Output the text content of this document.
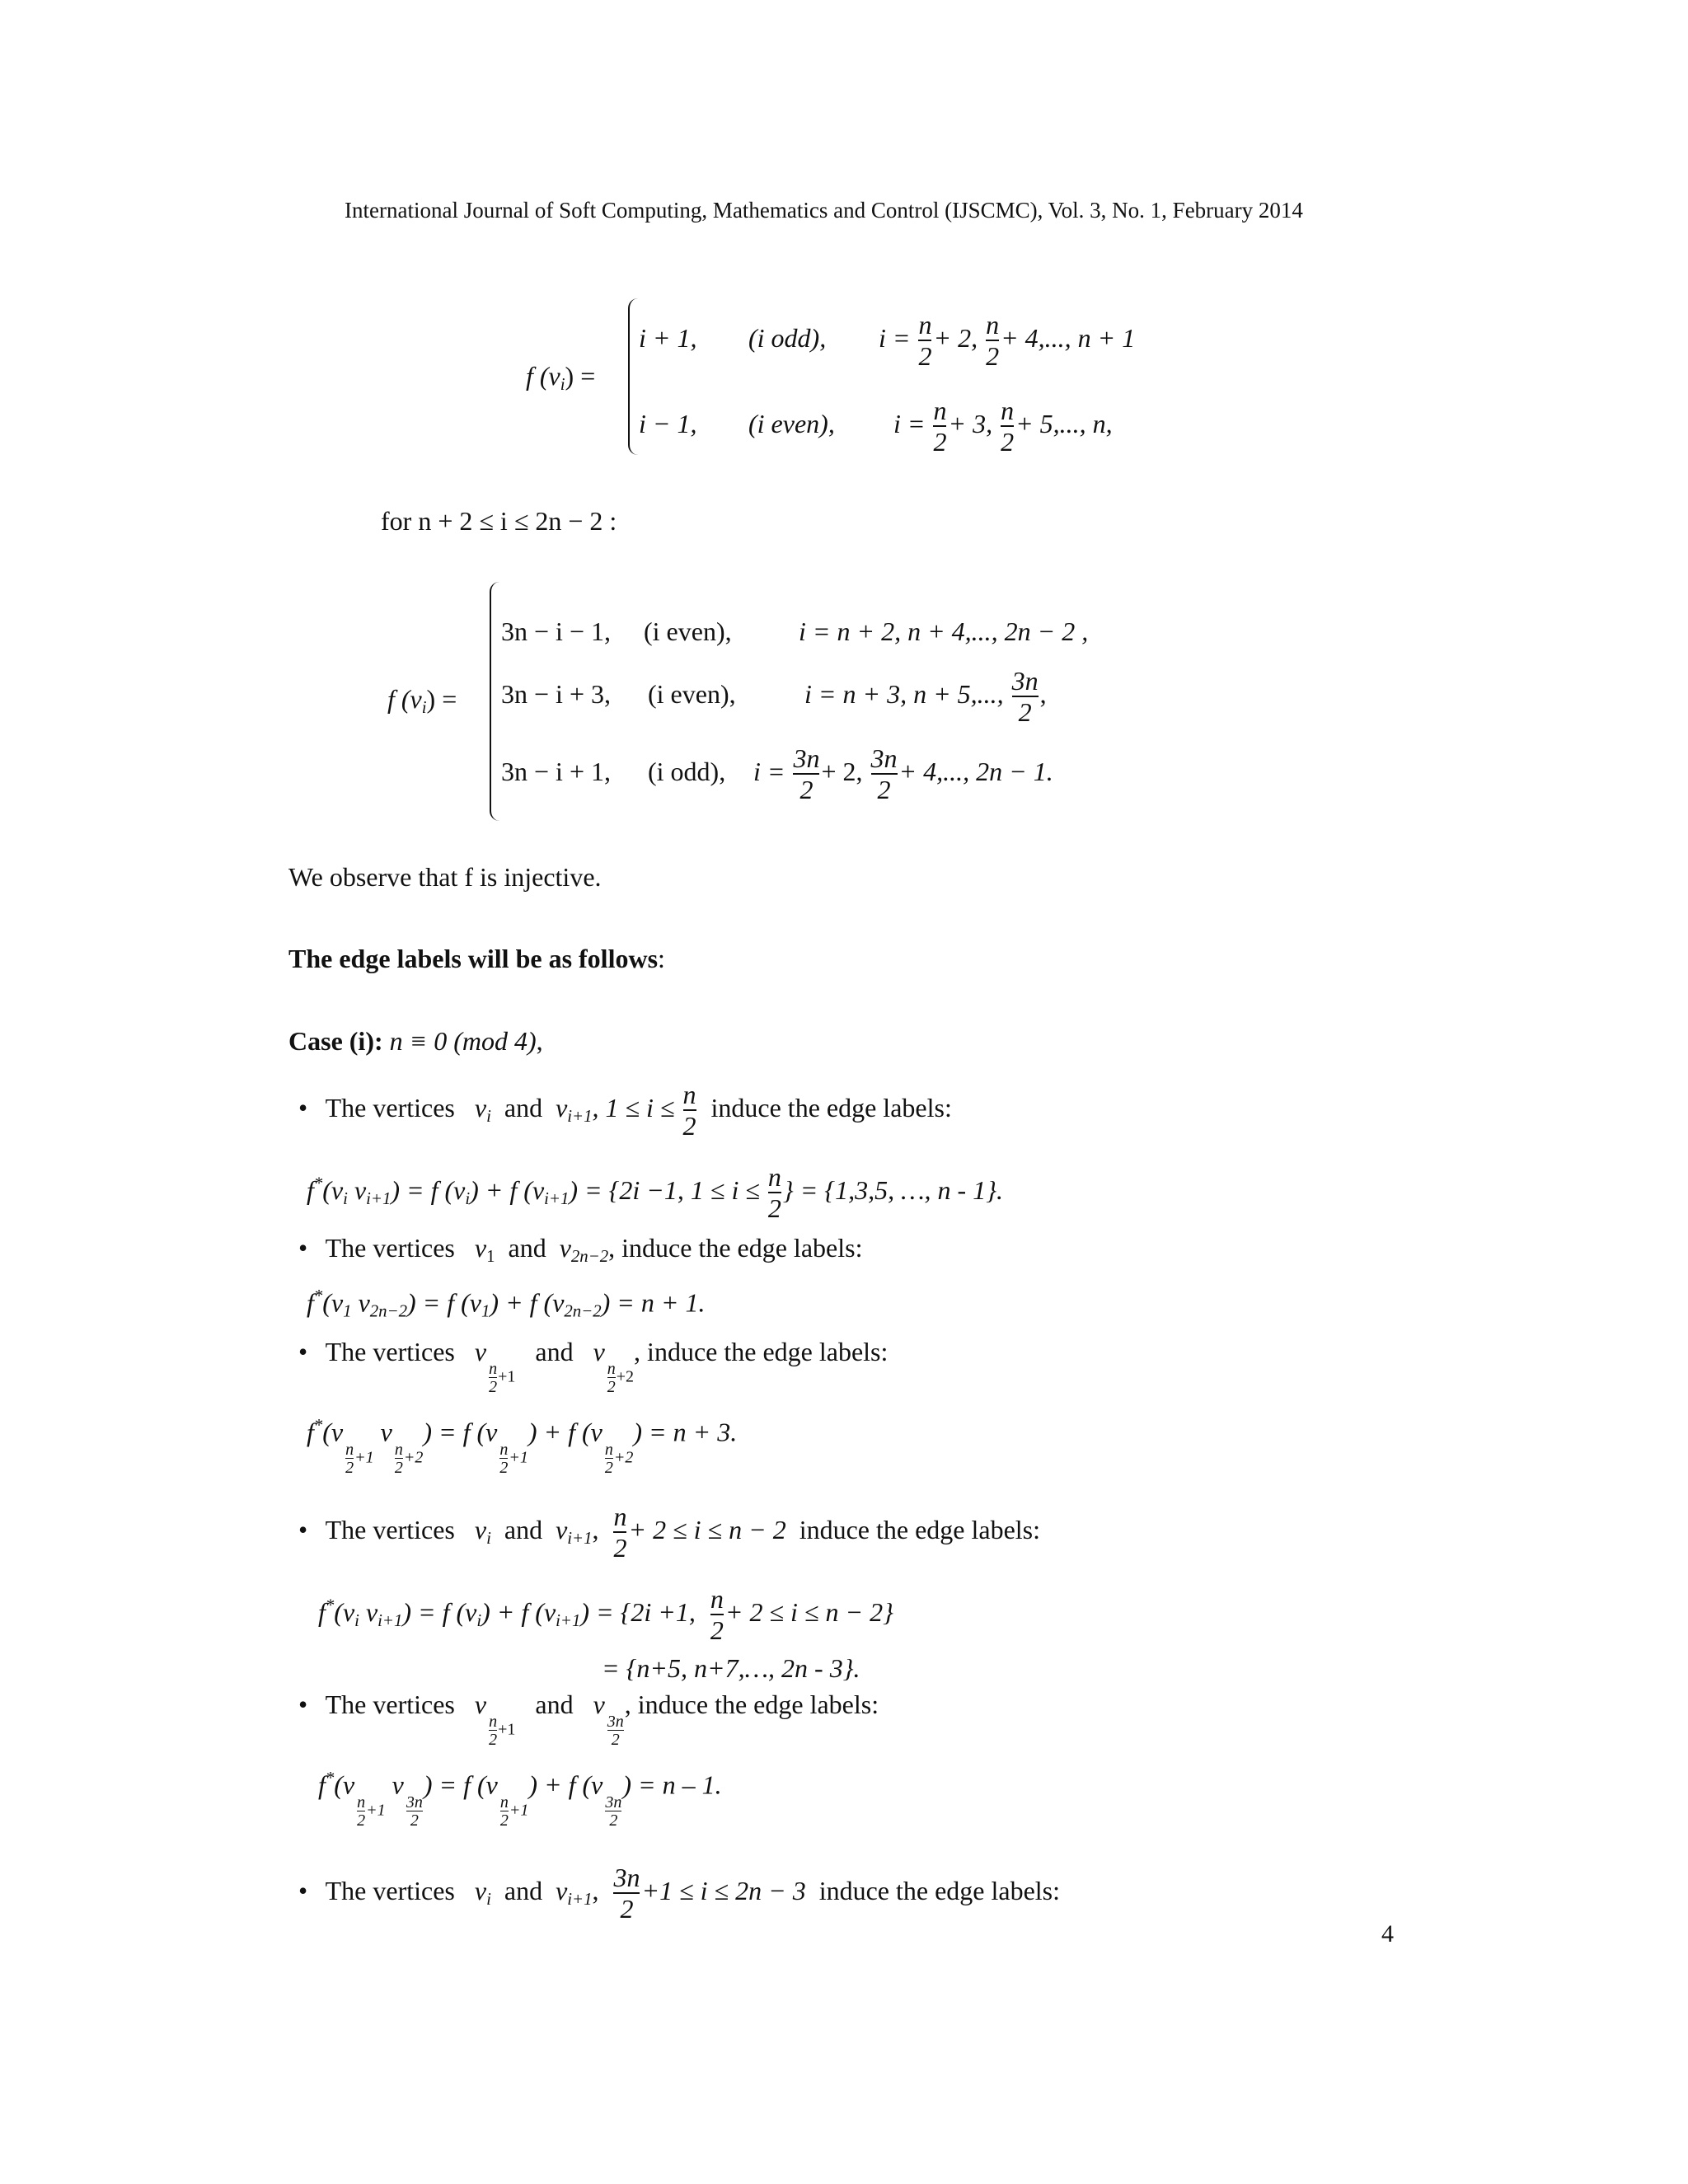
International Journal of Soft Computing, Mathematics and Control (IJSCMC), Vol. 3, No. 1, February 2014
f $(v_i)$ =
i + 1, (i odd), $i = \frac{n}{2} + 2$, $\frac{n}{2} + 4$,..., n + 1
i − 1, (i even), $i = \frac{n}{2} + 3$, $\frac{n}{2} + 5$,..., n,
for n + 2 ≤ i ≤ 2n − 2 :
f $(v_i)$ =
3n − i − 1, (i even),	i = n + 2, n + 4,..., 2n − 2 ,
3n − i + 3, (i even),	i = n + 3, n + 5,..., $\frac{3n}{2}$ ,
3n − i + 1, (i odd), $i = \frac{3n}{2} + 2$, $\frac{3n}{2} + 4$,..., 2n − 1.
We observe that f is injective.
The edge labels will be as follows:
Case (i): n ≡ 0 (mod 4),
• The vertices $v_i$ and $v_{i+1}$, $1 \le i \le \frac{n}{2}$ induce the edge labels:
$f^*(v_i$ $v_{i+1}) = f$ $(v_i) + f$ $(v_{i+1}) = \{2i -1$, $1 \le i \le \frac{n}{2}$ } = {1,3,5, …, n - 1}.
• The vertices $v_1$ and $v_{2n-2}$, induce the edge labels:
$f^*(v_1$ $v_{2n-2}) = f$ $(v_1) + f$ $(v_{2n-2}) = n + 1$.
• The vertices v
$\frac{n}{2} +1$   and v
$\frac{n}{2} +2$, induce the edge labels:
f*(v
$\frac{n}{2} +1$ v
$\frac{n}{2} +2) = f$ (v
$\frac{n}{2} +1) + f$ (v
$\frac{n}{2} +2) = n + 3$.
• The vertices $v_i$ and $v_{i+1}$, $\frac{n}{2} + 2 \le i \le n - 2$ induce the edge labels:
$f^*(v_i$ $v_{i+1}) = f$ $(v_i) + f$ $(v_{i+1}) = \{2i +1$, $\frac{n}{2} + 2 \le i \le n - 2$}
= {n+5, n+7,…, 2n - 3}.
• The vertices v
$\frac{n}{2} +1$   and v
$\frac{3n}{2}$
, induce the edge labels:
f*(v
$\frac{n}{2} +1$ v
$\frac{3n}{2}$
) = f (v
$\frac{n}{2} +1) + f$ (v
$\frac{3n}{2}$
) = n – 1.
• The vertices $v_i$ and $v_{i+1}$, $\frac{3n}{2} +1 \le i \le 2n - 3$ induce the edge labels:
4
